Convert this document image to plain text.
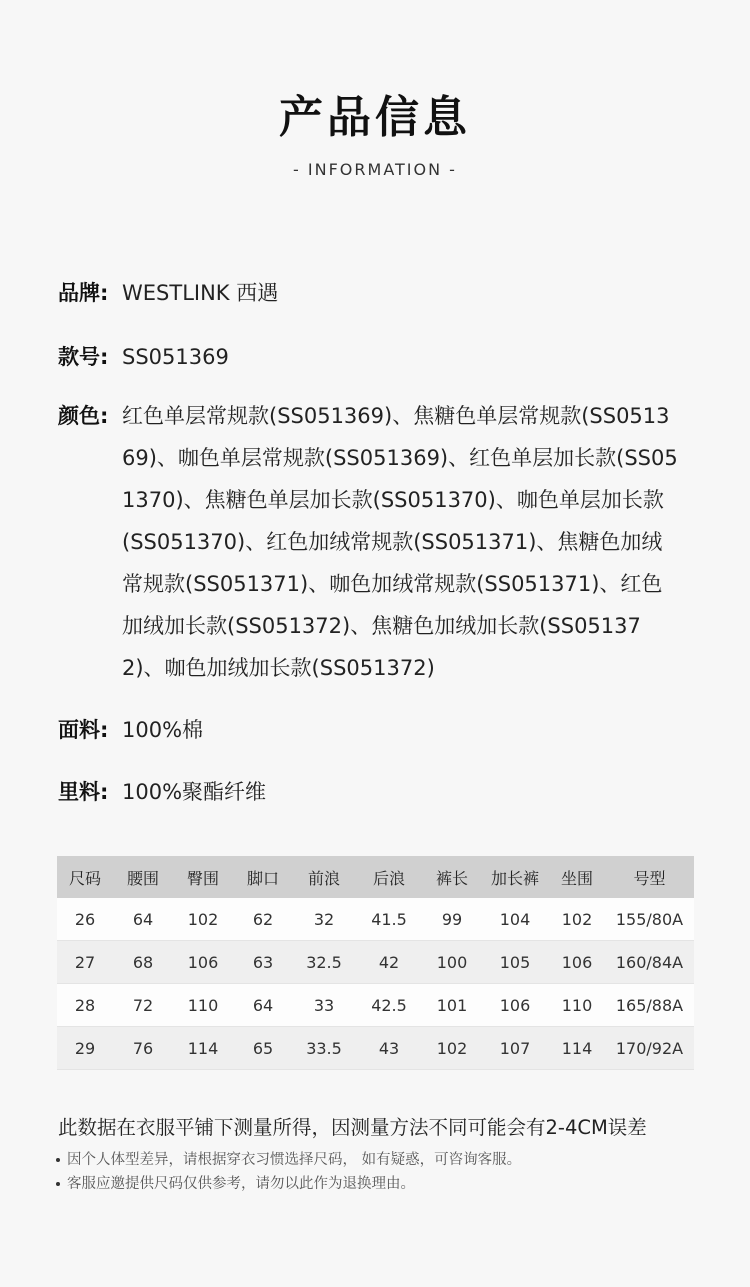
产品信息
- INFORMATION -
品牌: WESTLINK 西遇
款号: SS051369
颜色: 红色单层常规款(SS051369)、焦糖色单层常规款(SS051369)、咖色单层常规款(SS051369)、红色单层加长款(SS051370)、焦糖色单层加长款(SS051370)、咖色单层加长款(SS051370)、红色加绒常规款(SS051371)、焦糖色加绒常规款(SS051371)、咖色加绒常规款(SS051371)、红色加绒加长款(SS051372)、焦糖色加绒加长款(SS051372)、咖色加绒加长款(SS051372)
面料: 100%棉
里料: 100%聚酯纤维
尺码	腰围	臀围	脚口	前浪	后浪	裤长	加长裤	坐围	号型
26	64	102	62	32	41.5	99	104	102	155/80A
27	68	106	63	32.5	42	100	105	106	160/84A
28	72	110	64	33	42.5	101	106	110	165/88A
29	76	114	65	33.5	43	102	107	114	170/92A
此数据在衣服平铺下测量所得，因测量方法不同可能会有2-4CM误差
因个人体型差异，请根据穿衣习惯选择尺码， 如有疑惑，可咨询客服。
客服应邀提供尺码仅供参考，请勿以此作为退换理由。
